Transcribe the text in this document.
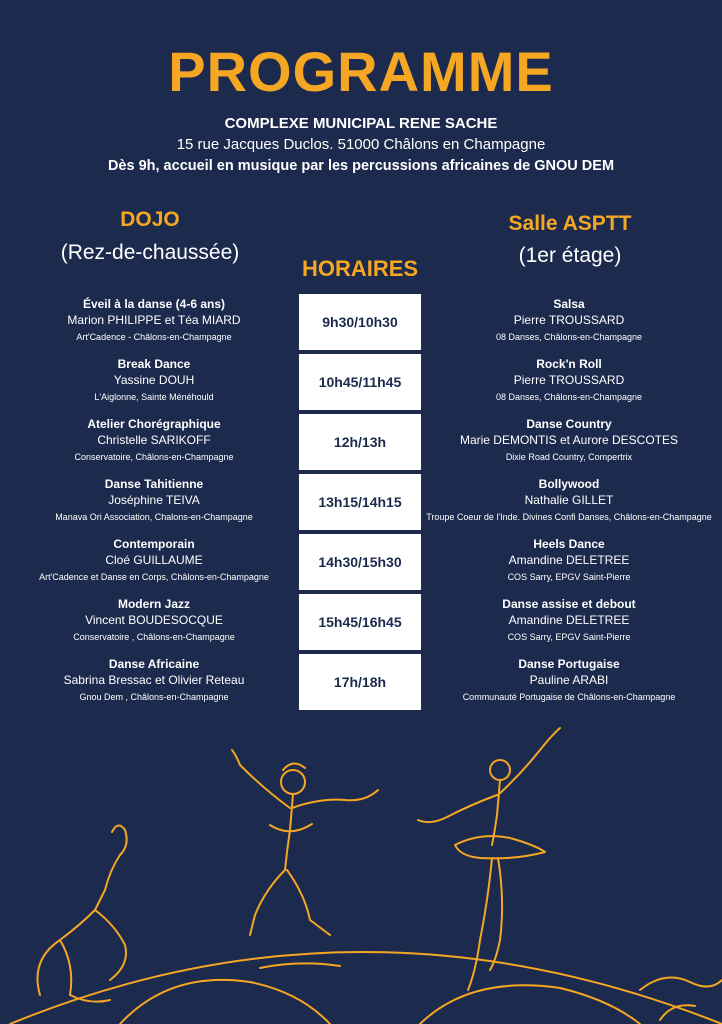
PROGRAMME
COMPLEXE MUNICIPAL RENE SACHE
15 rue Jacques Duclos. 51000 Châlons en Champagne
Dès 9h, accueil en musique par les percussions africaines de GNOU DEM
DOJO
(Rez-de-chaussée)
Salle ASPTT
(1er étage)
HORAIRES
Éveil à la danse (4-6 ans)
Marion PHILIPPE et Téa MIARD
Art'Cadence - Châlons-en-Champagne
Break Dance
Yassine DOUH
L'Aiglonne, Sainte Ménéhould
Atelier Chorégraphique
Christelle SARIKOFF
Conservatoire, Châlons-en-Champagne
Danse Tahitienne
Joséphine TEIVA
Manava Ori Association, Chalons-en-Champagne
Contemporain
Cloé GUILLAUME
Art'Cadence et Danse en Corps, Châlons-en-Champagne
Modern Jazz
Vincent BOUDESOCQUE
Conservatoire , Châlons-en-Champagne
Danse Africaine
Sabrina Bressac et Olivier Reteau
Gnou Dem , Châlons-en-Champagne
9h30/10h30
10h45/11h45
12h/13h
13h15/14h15
14h30/15h30
15h45/16h45
17h/18h
Salsa
Pierre TROUSSARD
08 Danses, Châlons-en-Champagne
Rock'n Roll
Pierre TROUSSARD
08 Danses, Châlons-en-Champagne
Danse Country
Marie DEMONTIS et Aurore DESCOTES
Dixie Road Country, Compertrix
Bollywood
Nathalie GILLET
Troupe Coeur de l'Inde. Divines Confi Danses, Châlons-en-Champagne
Heels Dance
Amandine DELETREE
COS Sarry, EPGV Saint-Pierre
Danse assise et debout
Amandine DELETREE
COS Sarry, EPGV Saint-Pierre
Danse Portugaise
Pauline ARABI
Communauté Portugaise de Châlons-en-Champagne
